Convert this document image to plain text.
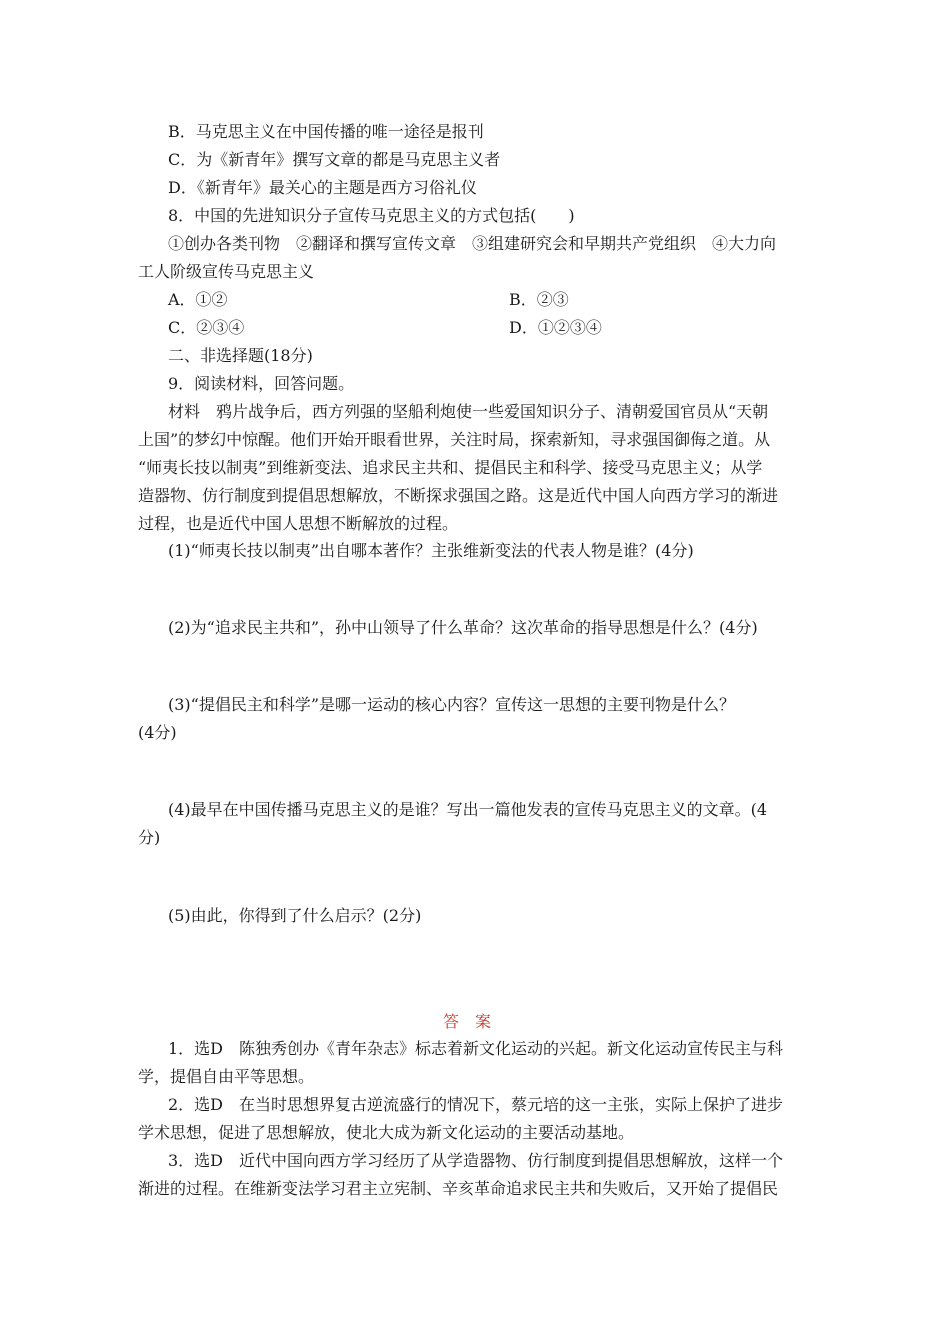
B．马克思主义在中国传播的唯一途径是报刊
C．为《新青年》撰写文章的都是马克思主义者
D．《新青年》最关心的主题是西方习俗礼仪
8．中国的先进知识分子宣传马克思主义的方式包括(　　)
①创办各类刊物　②翻译和撰写宣传文章　③组建研究会和早期共产党组织　④大力向
工人阶级宣传马克思主义
A．①②	B．②③
C．②③④	D．①②③④
二、非选择题(18分)
9．阅读材料，回答问题。
材料　鸦片战争后，西方列强的坚船利炮使一些爱国知识分子、清朝爱国官员从“天朝
上国”的梦幻中惊醒。他们开始开眼看世界，关注时局，探索新知，寻求强国御侮之道。从
“师夷长技以制夷”到维新变法、追求民主共和、提倡民主和科学、接受马克思主义；从学
造器物、仿行制度到提倡思想解放，不断探求强国之路。这是近代中国人向西方学习的渐进
过程，也是近代中国人思想不断解放的过程。
(1)“师夷长技以制夷”出自哪本著作？主张维新变法的代表人物是谁？(4分)
(2)为“追求民主共和”，孙中山领导了什么革命？这次革命的指导思想是什么？(4分)
(3)“提倡民主和科学”是哪一运动的核心内容？宣传这一思想的主要刊物是什么？
(4分)
(4)最早在中国传播马克思主义的是谁？写出一篇他发表的宣传马克思主义的文章。(4
分)
(5)由此，你得到了什么启示？(2分)
答案
1．选D　陈独秀创办《青年杂志》标志着新文化运动的兴起。新文化运动宣传民主与科
学，提倡自由平等思想。
2．选D　在当时思想界复古逆流盛行的情况下，蔡元培的这一主张，实际上保护了进步
学术思想，促进了思想解放，使北大成为新文化运动的主要活动基地。
3．选D　近代中国向西方学习经历了从学造器物、仿行制度到提倡思想解放，这样一个
渐进的过程。在维新变法学习君主立宪制、辛亥革命追求民主共和失败后，又开始了提倡民
